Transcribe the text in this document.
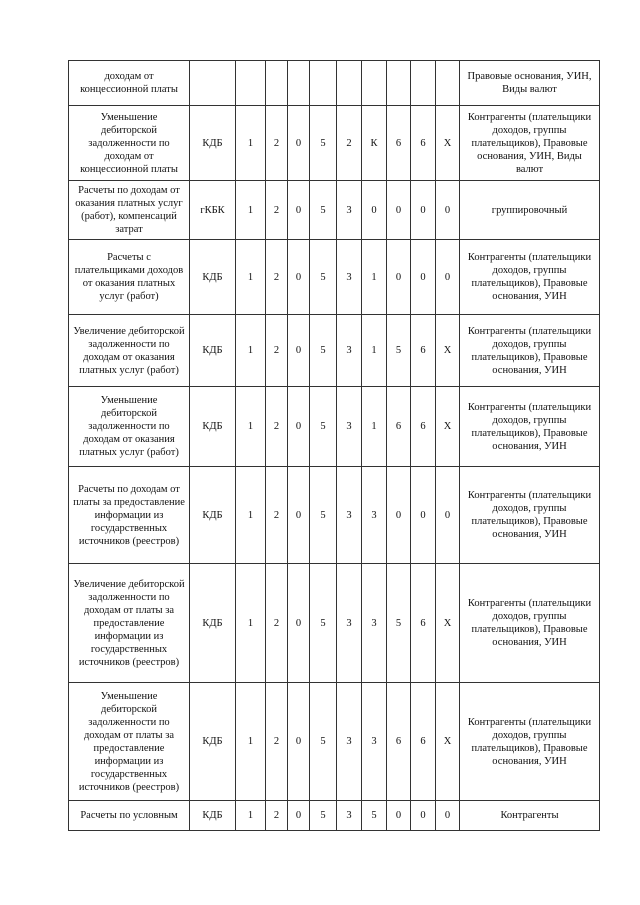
доходам от концессионной платы											Правовые основания, УИН, Виды валют
Уменьшение дебиторской задолженности по доходам от концессионной платы	КДБ	1	2	0	5	2	К	6	6	Х	Контрагенты (плательщики доходов, группы плательщиков), Правовые основания, УИН, Виды валют
Расчеты по доходам от оказания платных услуг (работ), компенсаций затрат	гКБК	1	2	0	5	3	0	0	0	0	группировочный
Расчеты с плательщиками доходов от оказания платных услуг (работ)	КДБ	1	2	0	5	3	1	0	0	0	Контрагенты (плательщики доходов, группы плательщиков), Правовые основания, УИН
Увеличение дебиторской задолженности по доходам от оказания платных услуг (работ)	КДБ	1	2	0	5	3	1	5	6	Х	Контрагенты (плательщики доходов, группы плательщиков), Правовые основания, УИН
Уменьшение дебиторской задолженности по доходам от оказания платных услуг (работ)	КДБ	1	2	0	5	3	1	6	6	Х	Контрагенты (плательщики доходов, группы плательщиков), Правовые основания, УИН
Расчеты по доходам от платы за предоставление информации из государственных источников (реестров)	КДБ	1	2	0	5	3	3	0	0	0	Контрагенты (плательщики доходов, группы плательщиков), Правовые основания, УИН
Увеличение дебиторской задолженности по доходам от платы за предоставление информации из государственных источников (реестров)	КДБ	1	2	0	5	3	3	5	6	Х	Контрагенты (плательщики доходов, группы плательщиков), Правовые основания, УИН
Уменьшение дебиторской задолженности по доходам от платы за предоставление информации из государственных источников (реестров)	КДБ	1	2	0	5	3	3	6	6	Х	Контрагенты (плательщики доходов, группы плательщиков), Правовые основания, УИН
Расчеты по условным	КДБ	1	2	0	5	3	5	0	0	0	Контрагенты
